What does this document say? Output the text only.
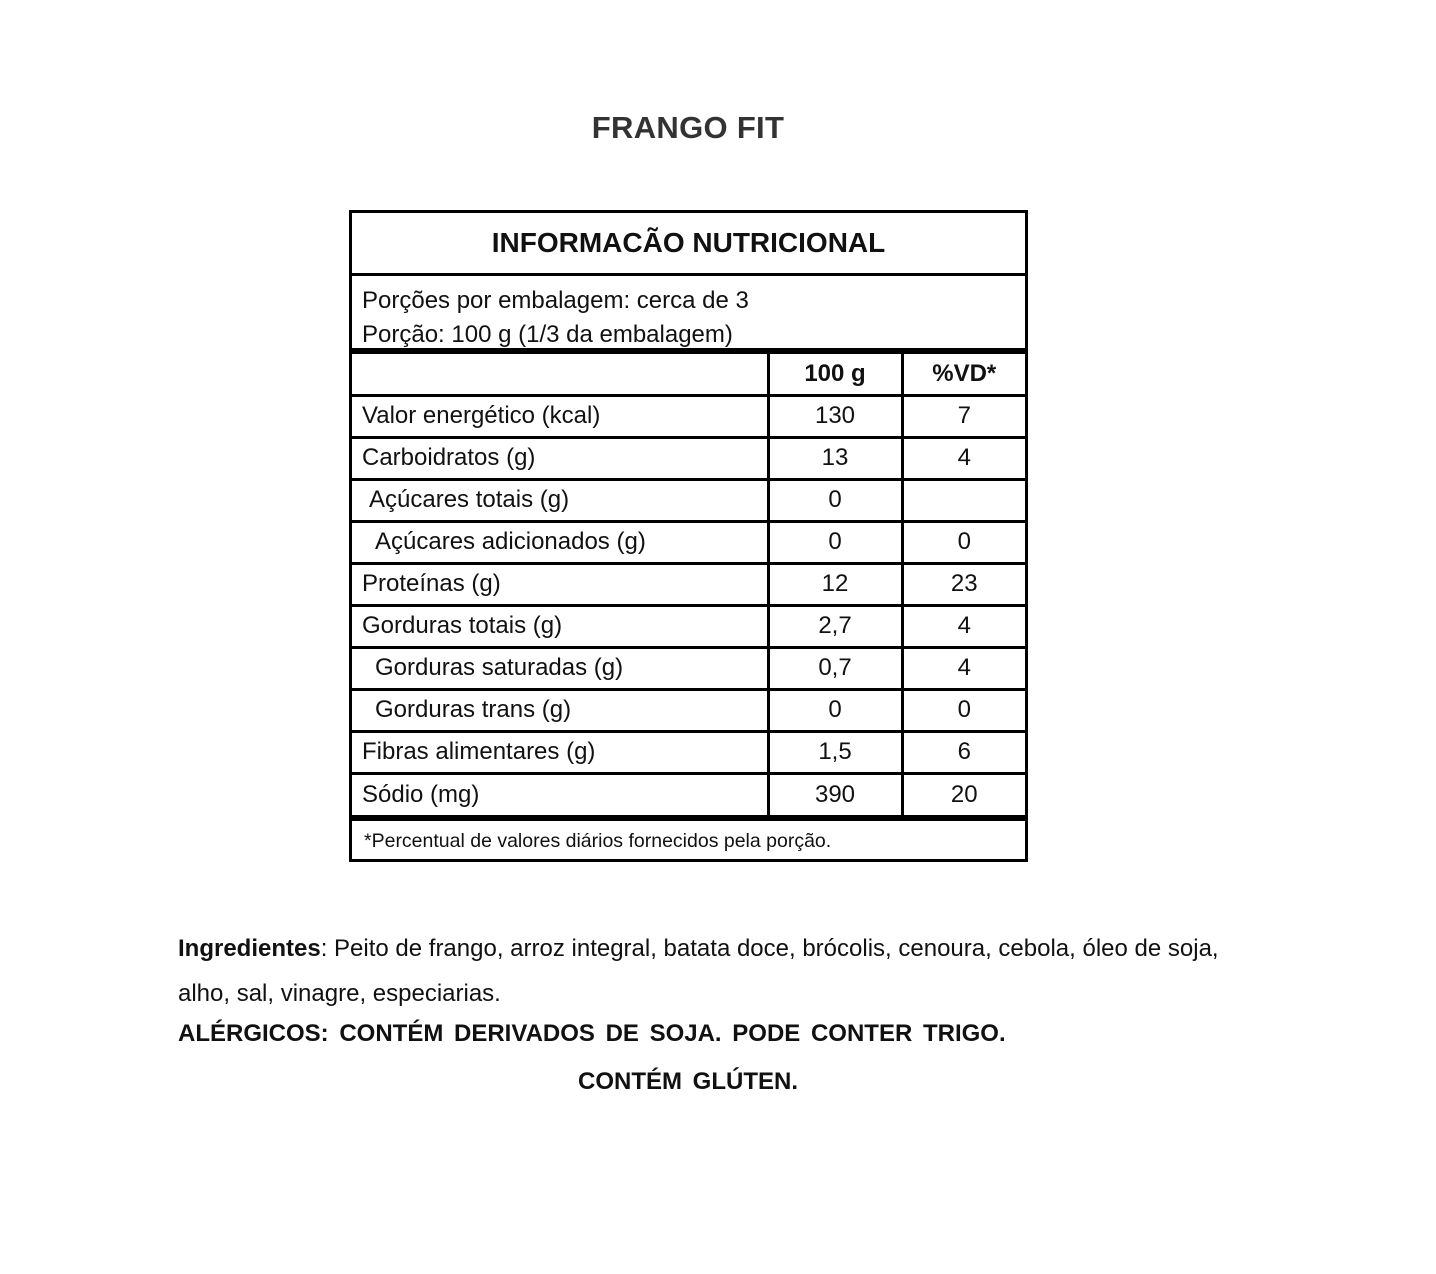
FRANGO FIT
INFORMACÃO NUTRICIONAL
Porções por embalagem: cerca de 3
Porção: 100 g (1/3 da embalagem)
	100 g	%VD*
Valor energético (kcal)	130	7
Carboidratos (g)	13	4
Açúcares totais (g)	0	
Açúcares adicionados (g)	0	0
Proteínas (g)	12	23
Gorduras totais (g)	2,7	4
Gorduras saturadas (g)	0,7	4
Gorduras trans (g)	0	0
Fibras alimentares (g)	1,5	6
Sódio (mg)	390	20
*Percentual de valores diários fornecidos pela porção.
Ingredientes: Peito de frango, arroz integral, batata doce, brócolis, cenoura, cebola, óleo de soja, alho, sal, vinagre, especiarias.
ALÉRGICOS: CONTÉM DERIVADOS DE SOJA. PODE CONTER TRIGO.
CONTÉM GLÚTEN.
